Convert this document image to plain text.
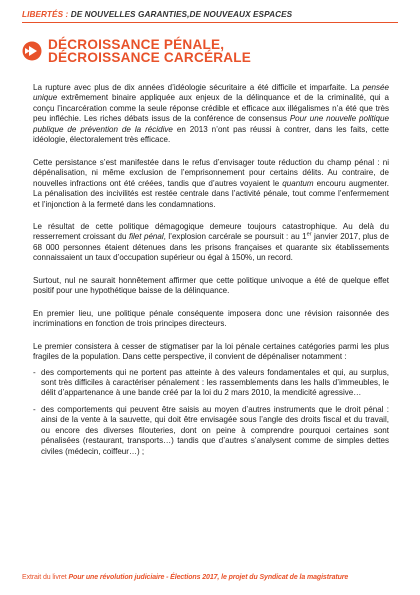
LIBERTÉS : DE NOUVELLES GARANTIES,DE NOUVEAUX ESPACES
DÉCROISSANCE PÉNALE,
DÉCROISSANCE CARCÉRALE

La rupture avec plus de dix années d’idéologie sécuritaire a été difficile et imparfaite. La pensée unique extrêmement binaire appliquée aux enjeux de la délinquance et de la criminalité, qui a conçu l’incarcération comme la seule réponse crédible et efficace aux illégalismes n’a été que très peu infléchie. Les riches débats issus de la conférence de consensus Pour une nouvelle politique publique de prévention de la récidive en 2013 n’ont pas réussi à contrer, dans les faits, cette idéologie, électoralement très efficace.

Cette persistance s’est manifestée dans le refus d’envisager toute réduction du champ pénal : ni dépénalisation, ni même exclusion de l’emprisonnement pour certains délits. Au contraire, de nouvelles infractions ont été créées, tandis que d’autres voyaient le quantum encouru augmenter. La pénalisation des incivilités est restée centrale dans l’activité pénale, tout comme l’enfermement et l’injonction à la fermeté dans les condamnations.

Le résultat de cette politique démagogique demeure toujours catastrophique. Au delà du resserrement croissant du filet pénal, l’explosion carcérale se poursuit : au 1er janvier 2017, plus de 68 000 personnes étaient détenues dans les prisons françaises et quarante six établissements connaissaient un taux d’occupation supérieur ou égal à 150%, un record.

Surtout, nul ne saurait honnêtement affirmer que cette politique univoque a été de quelque effet positif pour une hypothétique baisse de la délinquance.

En premier lieu, une politique pénale conséquente imposera donc une révision raisonnée des incriminations en fonction de trois principes directeurs.

Le premier consistera à cesser de stigmatiser par la loi pénale certaines catégories parmi les plus fragiles de la population. Dans cette perspective, il convient de dépénaliser notamment :

- des comportements qui ne portent pas atteinte à des valeurs fondamentales et qui, au surplus, sont très difficiles à caractériser pénalement : les rassemblements dans les halls d’immeubles, le délit d’appartenance à une bande créé par la loi du 2 mars 2010, la mendicité agressive…
- des comportements qui peuvent être saisis au moyen d’autres instruments que le droit pénal : ainsi de la vente à la sauvette, qui doit être envisagée sous l’angle des droits fiscal et du travail, ou encore des diverses filouteries, dont on peine à comprendre pourquoi certaines sont pénalisées (restaurant, transports…) tandis que d’autres s’analysent comme de simples dettes civiles (médecin, coiffeur…) ;
Extrait du livret Pour une révolution judiciaire - Élections 2017, le projet du Syndicat de la magistrature
